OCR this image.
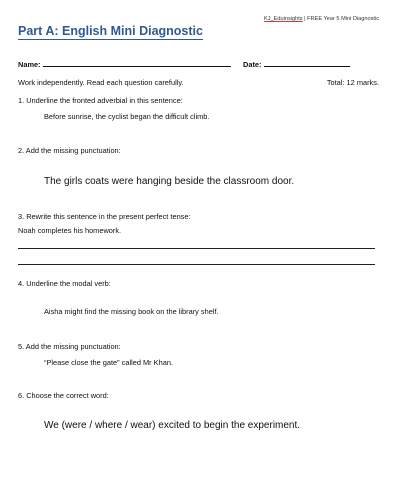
KJ_Eduinsights | FREE Year 5 Mini Diagnostic
Part A: English Mini Diagnostic
Name:	Date:
Work independently. Read each question carefully.	Total: 12 marks.
1. Underline the fronted adverbial in this sentence:
Before sunrise, the cyclist began the difficult climb.
2. Add the missing punctuation:
The girls coats were hanging beside the classroom door.
3. Rewrite this sentence in the present perfect tense:
Noah completes his homework.
4. Underline the modal verb:
Aisha might find the missing book on the library shelf.
5. Add the missing punctuation:
“Please close the gate” called Mr Khan.
6. Choose the correct word:
We (were / where / wear) excited to begin the experiment.
